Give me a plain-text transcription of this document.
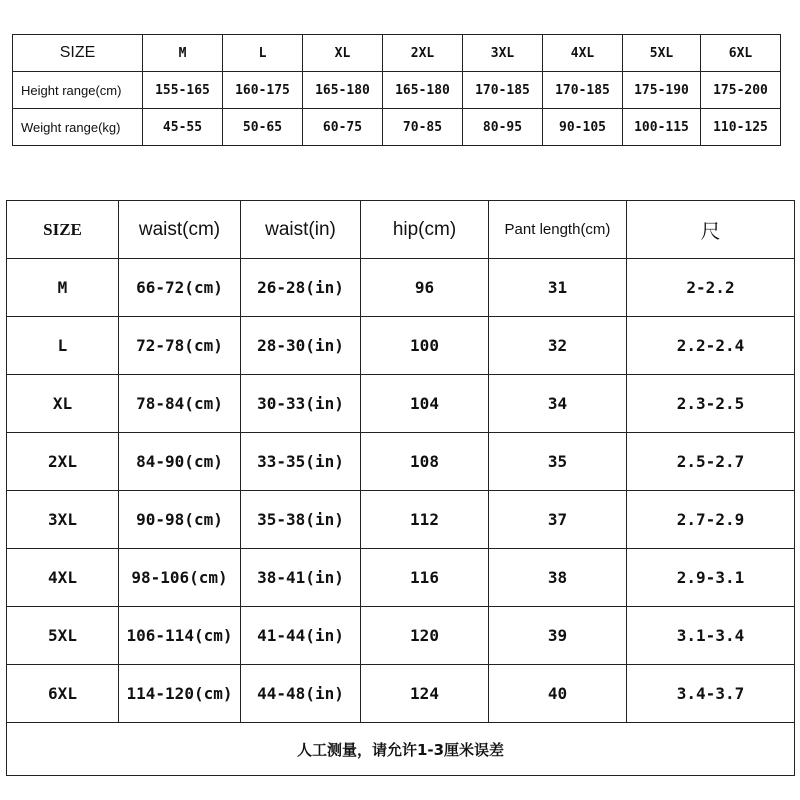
SIZE	M	L	XL	2XL	3XL	4XL	5XL	6XL
Height range(cm)	155-165	160-175	165-180	165-180	170-185	170-185	175-190	175-200
Weight range(kg)	45-55	50-65	60-75	70-85	80-95	90-105	100-115	110-125
SIZE	waist(cm)	waist(in)	hip(cm)	Pant length(cm)	尺
M	66-72(cm)	26-28(in)	96	31	2-2.2
L	72-78(cm)	28-30(in)	100	32	2.2-2.4
XL	78-84(cm)	30-33(in)	104	34	2.3-2.5
2XL	84-90(cm)	33-35(in)	108	35	2.5-2.7
3XL	90-98(cm)	35-38(in)	112	37	2.7-2.9
4XL	98-106(cm)	38-41(in)	116	38	2.9-3.1
5XL	106-114(cm)	41-44(in)	120	39	3.1-3.4
6XL	114-120(cm)	44-48(in)	124	40	3.4-3.7
人工测量，请允许1-3厘米误差					
